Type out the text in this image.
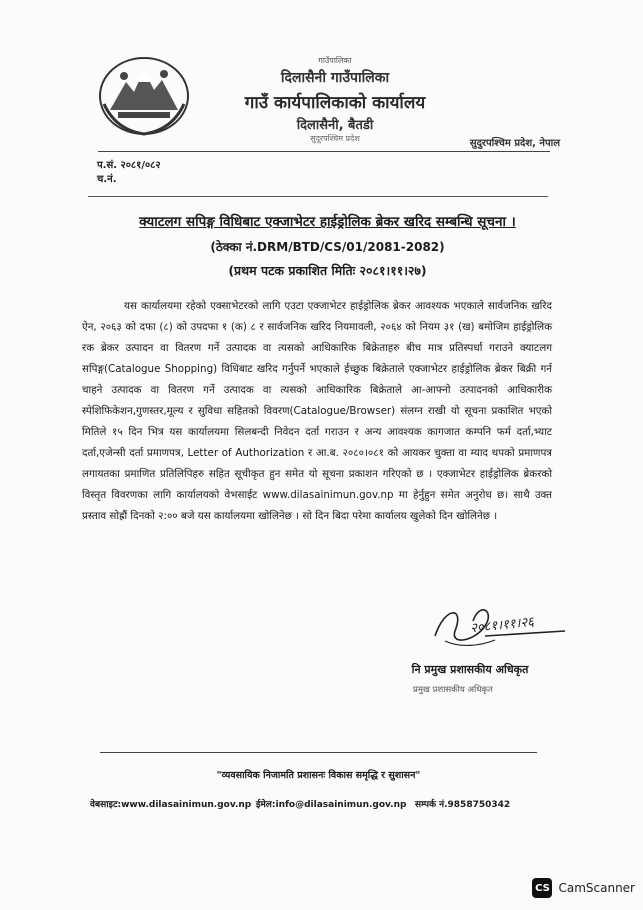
गाउँपालिका
दिलासैनी गाउँपालिका
गाउँ कार्यपालिकाको कार्यालय
दिलासैनी, बैतडी
सुदूरपश्चिम प्रदेश	सुदुरपश्चिम प्रदेश, नेपाल
प.सं. २०८१/०८२
च.नं.
क्याटलग सपिङ्ग विधिबाट एक्जाभेटर हाईड्रोलिक ब्रेकर खरिद सम्बन्धि सूचना ।
(ठेक्का नं.DRM/BTD/CS/01/2081-2082)
(प्रथम पटक प्रकाशित मितिः २०८१।११।२७)
यस कार्यालयमा रहेको एक्साभेटरको लागि एउटा एक्जाभेटर हाईड्रोलिक ब्रेकर आवश्यक भएकाले सार्वजनिक खरिद ऐन, २०६३ को दफा (८) को उपदफा १ (क) ८ र सार्वजनिक खरिद नियमावली, २०६४ को नियम ३१ (ख) बमोजिम हाईड्रोलिक रक ब्रेकर उत्पादन वा वितरण गर्ने उत्पादक वा त्यसको आधिकारिक बिक्रेताहरु बीच मात्र प्रतिस्पर्धा गराउने क्याटलग सपिङ्ग(Catalogue Shopping) विधिबाट खरिद गर्नुपर्ने भएकाले ईच्छुक बिक्रेताले एक्जाभेटर हाईड्रोलिक ब्रेकर बिक्री गर्न चाहने उत्पादक वा वितरण गर्ने उत्पादक वा त्यसको आधिकारिक बिक्रेताले आ-आफ्नो उत्पादनको आधिकारीक स्पेशिफिकेशन,गुणस्तर,मूल्य र सुविधा सहितको विवरण(Catalogue/Browser) संलग्न राखी यो सूचना प्रकाशित भएको मितिले १५ दिन भित्र यस कार्यालयमा सिलबन्दी निवेदन दर्ता गराउन र अन्य आवश्यक कागजात कम्पनि फर्म दर्ता,भ्याट दर्ता,एजेन्सी दर्ता प्रमाणपत्र, Letter of Authorization र आ.ब. २०८०।०८१ को आयकर चुक्ता वा म्याद थपको प्रमाणपत्र लगायतका प्रमाणित प्रतिलिपिहरु सहित सूचीकृत हुन समेत यो सूचना प्रकाशन गरिएको छ । एक्जाभेटर हाईड्रोलिक ब्रेकरको विस्तृत विवरणका लागि कार्यालयको वेभसाईट www.dilasainimun.gov.np मा हेर्नुहुन समेत अनुरोध छ। साथै उक्त प्रस्ताव सोह्रौं दिनको २:०० बजे यस कार्यालयमा खोलिनेछ । सो दिन बिदा परेमा कार्यालय खुलेको दिन खोलिनेछ ।
२०८१।११।२६
नि प्रमुख प्रशासकीय अधिकृत
प्रमुख प्रशासकीय अधिकृत
"व्यवसायिक निजामति प्रशासनः विकास समृद्धि र सुशासन"
वेबसाइट:www.dilasainimun.gov.np ईमेल:info@dilasainimun.gov.np सम्पर्क नं.9858750342
CS CamScanner
